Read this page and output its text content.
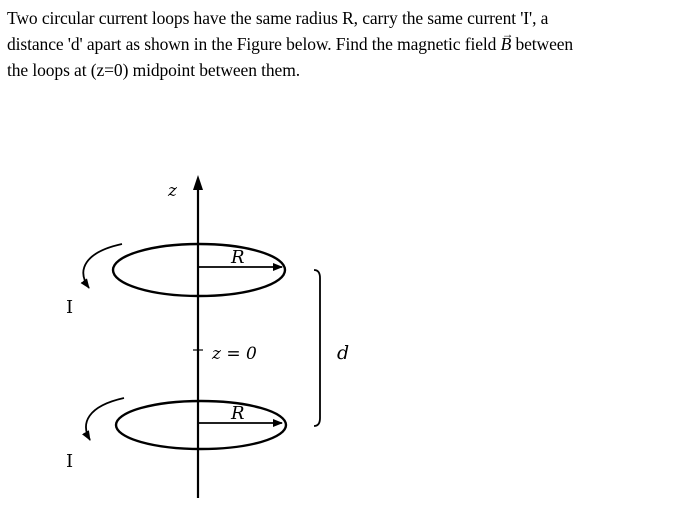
Two circular current loops have the same radius R, carry the same current 'I', a
distance 'd' apart as shown in the Figure below. Find the magnetic field → B between
the loops at (z=0) midpoint between them.
z
R
I
z = 0
R
I
d
